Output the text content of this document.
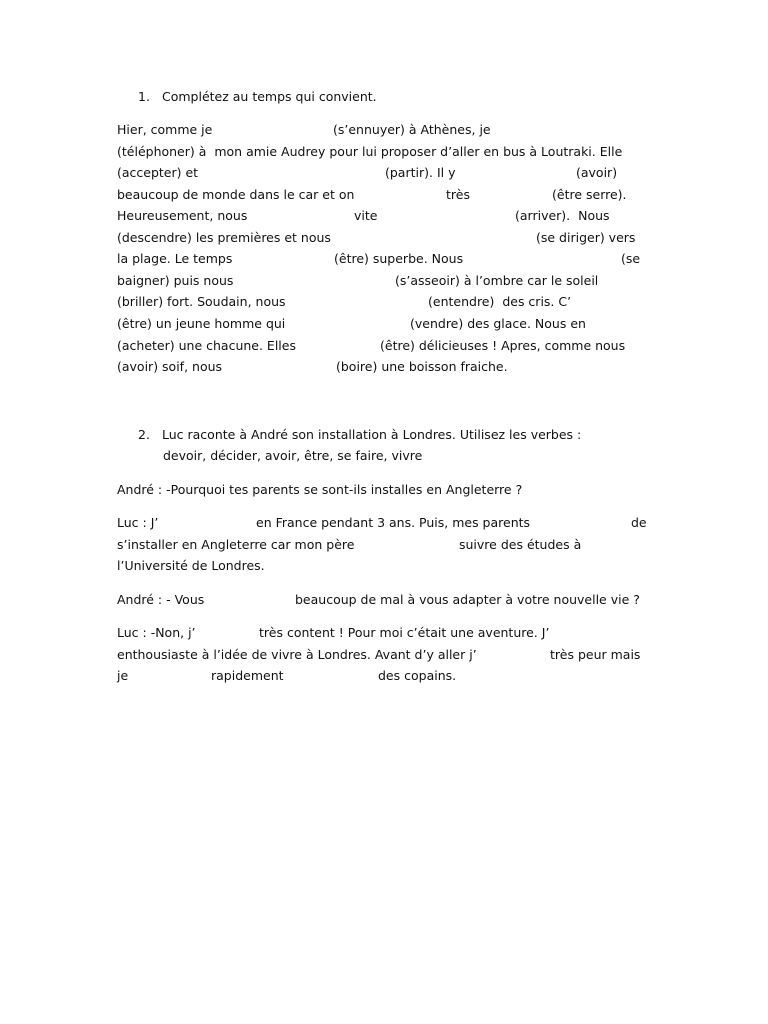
1. Complétez au temps qui convient.
Hier, comme je	(s’ennuyer) à Athènes, je
(téléphoner) à  mon amie Audrey pour lui proposer d’aller en bus à Loutraki. Elle
(accepter) et	(partir). Il y	(avoir)
beaucoup de monde dans le car et on	très	(être serre).
Heureusement, nous	vite	(arriver).  Nous
(descendre) les premières et nous	(se diriger) vers
la plage. Le temps	(être) superbe. Nous	(se
baigner) puis nous	(s’asseoir) à l’ombre car le soleil
(briller) fort. Soudain, nous	(entendre)  des cris. C’
(être) un jeune homme qui	(vendre) des glace. Nous en
(acheter) une chacune. Elles	(être) délicieuses ! Apres, comme nous
(avoir) soif, nous	(boire) une boisson fraiche.
2. Luc raconte à André son installation à Londres. Utilisez les verbes :
devoir, décider, avoir, être, se faire, vivre
André : -Pourquoi tes parents se sont-ils installes en Angleterre ?
Luc : J’	en France pendant 3 ans. Puis, mes parents	de
s’installer en Angleterre car mon père	suivre des études à
l’Université de Londres.
André : - Vous	beaucoup de mal à vous adapter à votre nouvelle vie ?
Luc : -Non, j’	très content ! Pour moi c’était une aventure. J’
enthousiaste à l’idée de vivre à Londres. Avant d’y aller j’	très peur mais
je	rapidement	des copains.
